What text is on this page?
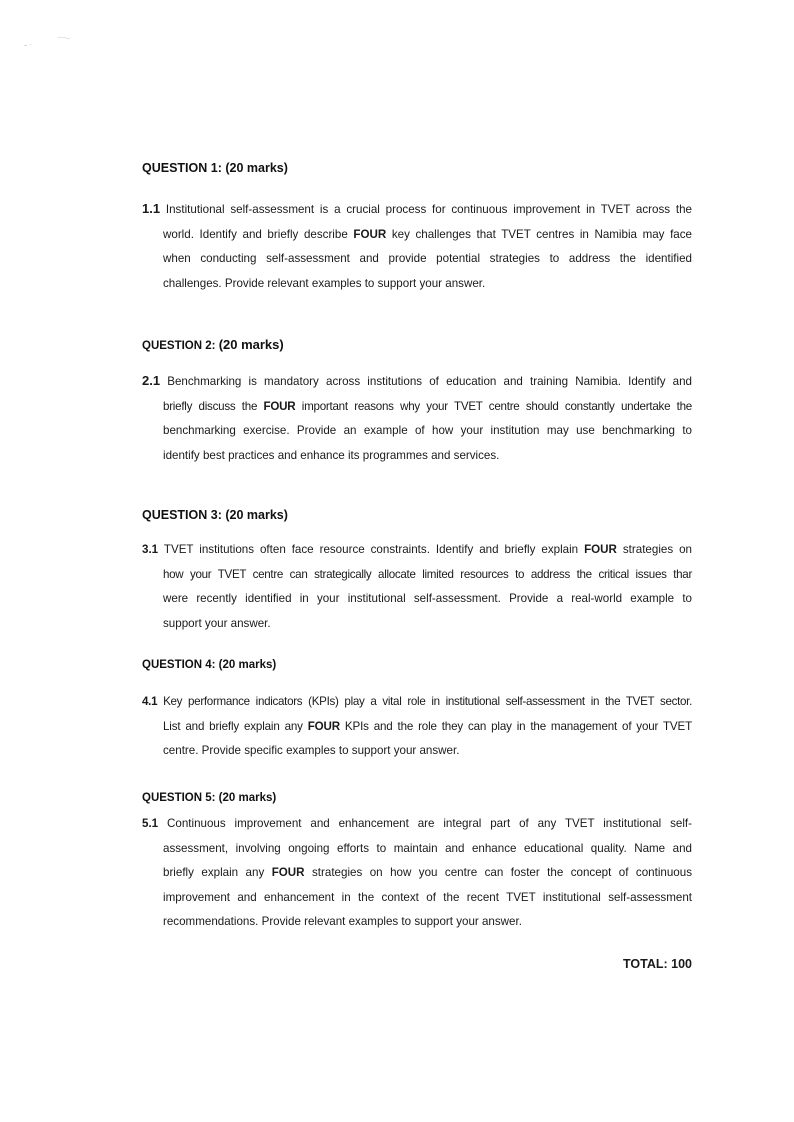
QUESTION 1: (20 marks)
1.1 Institutional self-assessment is a crucial process for continuous improvement in TVET across the
world. Identify and briefly describe FOUR key challenges that TVET centres in Namibia may face
when conducting self-assessment and provide potential strategies to address the identified
challenges. Provide relevant examples to support your answer.
QUESTION 2: (20 marks)
2.1 Benchmarking is mandatory across institutions of education and training Namibia. Identify and
briefly discuss the FOUR important reasons why your TVET centre should constantly undertake the
benchmarking exercise. Provide an example of how your institution may use benchmarking to
identify best practices and enhance its programmes and services.
QUESTION 3: (20 marks)
3.1 TVET institutions often face resource constraints. Identify and briefly explain FOUR strategies on
how your TVET centre can strategically allocate limited resources to address the critical issues thar
were recently identified in your institutional self-assessment. Provide a real-world example to
support your answer.
QUESTION 4: (20 marks)
4.1 Key performance indicators (KPIs) play a vital role in institutional self-assessment in the TVET sector.
List and briefly explain any FOUR KPIs and the role they can play in the management of your TVET
centre. Provide specific examples to support your answer.
QUESTION 5: (20 marks)
5.1 Continuous improvement and enhancement are integral part of any TVET institutional self-
assessment, involving ongoing efforts to maintain and enhance educational quality. Name and
briefly explain any FOUR strategies on how you centre can foster the concept of continuous
improvement and enhancement in the context of the recent TVET institutional self-assessment
recommendations. Provide relevant examples to support your answer.
TOTAL: 100
